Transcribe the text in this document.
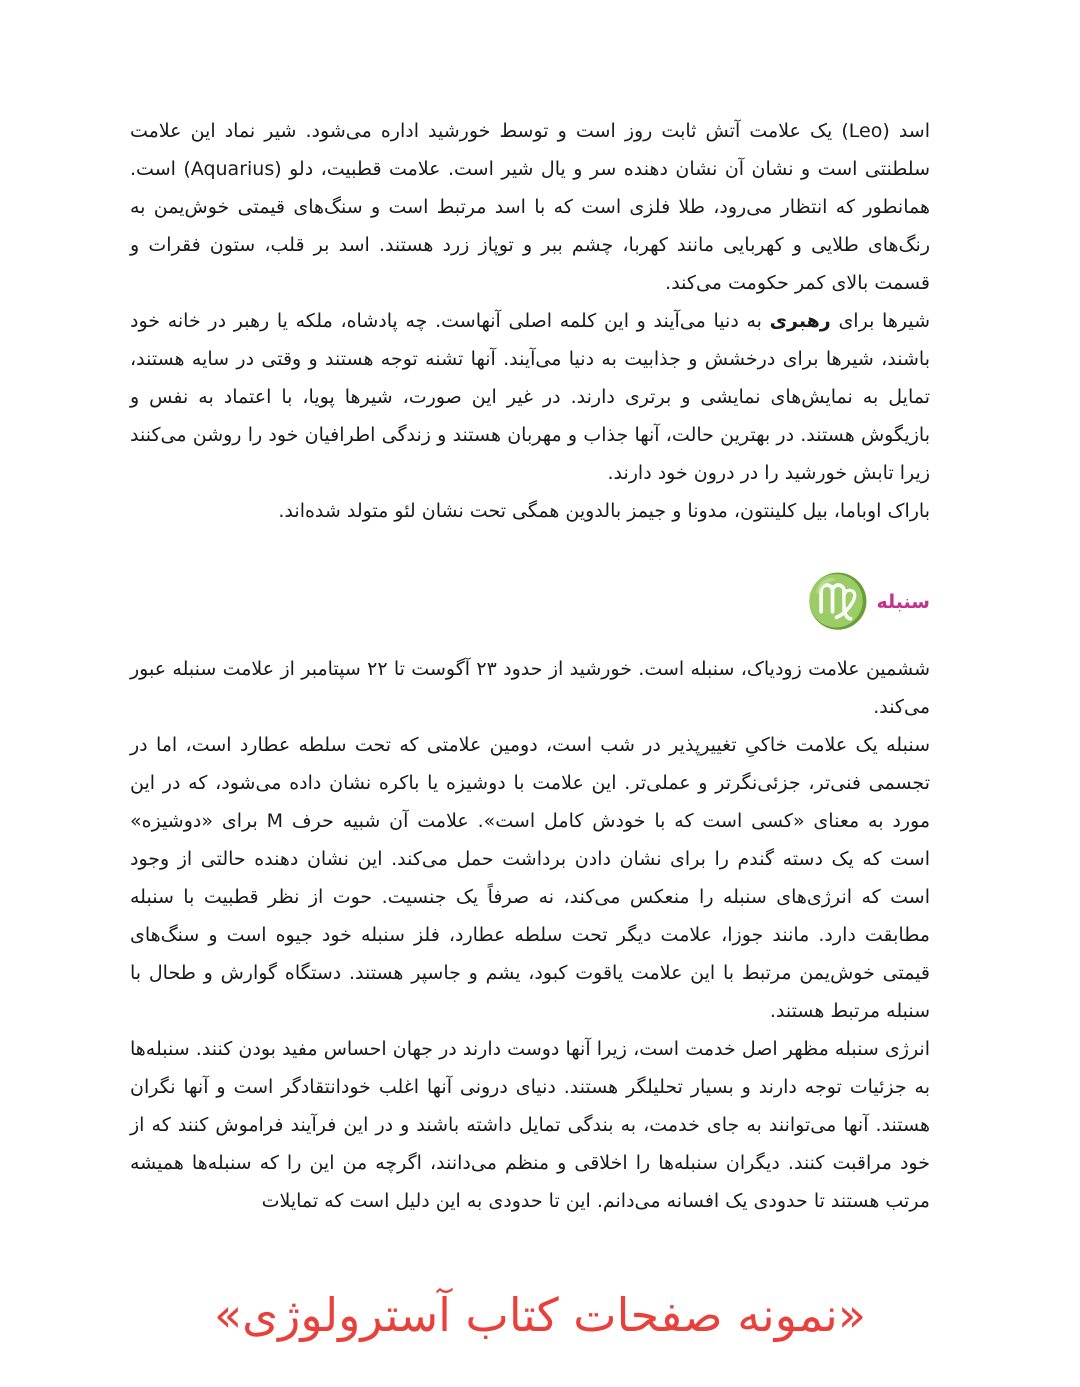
اسد (Leo) یک علامت آتش ثابت روز است و توسط خورشید اداره می‌شود. شیر نماد این علامت سلطنتی است و نشان آن نشان دهنده سر و یال شیر است. علامت قطبیت، دلو (Aquarius) است. همانطور که انتظار می‌رود، طلا فلزی است که با اسد مرتبط است و سنگ‌های قیمتی خوش‌یمن به رنگ‌های طلایی و کهربایی مانند کهربا، چشم ببر و توپاز زرد هستند. اسد بر قلب، ستون فقرات و قسمت بالای کمر حکومت می‌کند.

شیرها برای رهبری به دنیا می‌آیند و این کلمه اصلی آنهاست. چه پادشاه، ملکه یا رهبر در خانه خود باشند، شیرها برای درخشش و جذابیت به دنیا می‌آیند. آنها تشنه توجه هستند و وقتی در سایه هستند، تمایل به نمایش‌های نمایشی و برتری دارند. در غیر این صورت، شیرها پویا، با اعتماد به نفس و بازیگوش هستند. در بهترین حالت، آنها جذاب و مهربان هستند و زندگی اطرافیان خود را روشن می‌کنند زیرا تابش خورشید را در درون خود دارند.

باراک اوباما، بیل کلینتون، مدونا و جیمز بالدوین همگی تحت نشان لئو متولد شده‌اند.

♍ سنبله

ششمین علامت زودیاک، سنبله است. خورشید از حدود ۲۳ آگوست تا ۲۲ سپتامبر از علامت سنبله عبور می‌کند.

سنبله یک علامت خاکیِ تغییرپذیر در شب است، دومین علامتی که تحت سلطه عطارد است، اما در تجسمی فنی‌تر، جزئی‌نگرتر و عملی‌تر. این علامت با دوشیزه یا باکره نشان داده می‌شود، که در این مورد به معنای «کسی است که با خودش کامل است». علامت آن شبیه حرف M برای «دوشیزه» است که یک دسته گندم را برای نشان دادن برداشت حمل می‌کند. این نشان دهنده حالتی از وجود است که انرژی‌های سنبله را منعکس می‌کند، نه صرفاً یک جنسیت. حوت از نظر قطبیت با سنبله مطابقت دارد. مانند جوزا، علامت دیگر تحت سلطه عطارد، فلز سنبله خود جیوه است و سنگ‌های قیمتی خوش‌یمن مرتبط با این علامت یاقوت کبود، یشم و جاسپر هستند. دستگاه گوارش و طحال با سنبله مرتبط هستند.

انرژی سنبله مظهر اصل خدمت است، زیرا آنها دوست دارند در جهان احساس مفید بودن کنند. سنبله‌ها به جزئیات توجه دارند و بسیار تحلیلگر هستند. دنیای درونی آنها اغلب خودانتقادگر است و آنها نگران هستند. آنها می‌توانند به جای خدمت، به بندگی تمایل داشته باشند و در این فرآیند فراموش کنند که از خود مراقبت کنند. دیگران سنبله‌ها را اخلاقی و منظم می‌دانند، اگرچه من این را که سنبله‌ها همیشه مرتب هستند تا حدودی یک افسانه می‌دانم. این تا حدودی به این دلیل است که تمایلات

«نمونه صفحات کتاب آسترولوژی»
